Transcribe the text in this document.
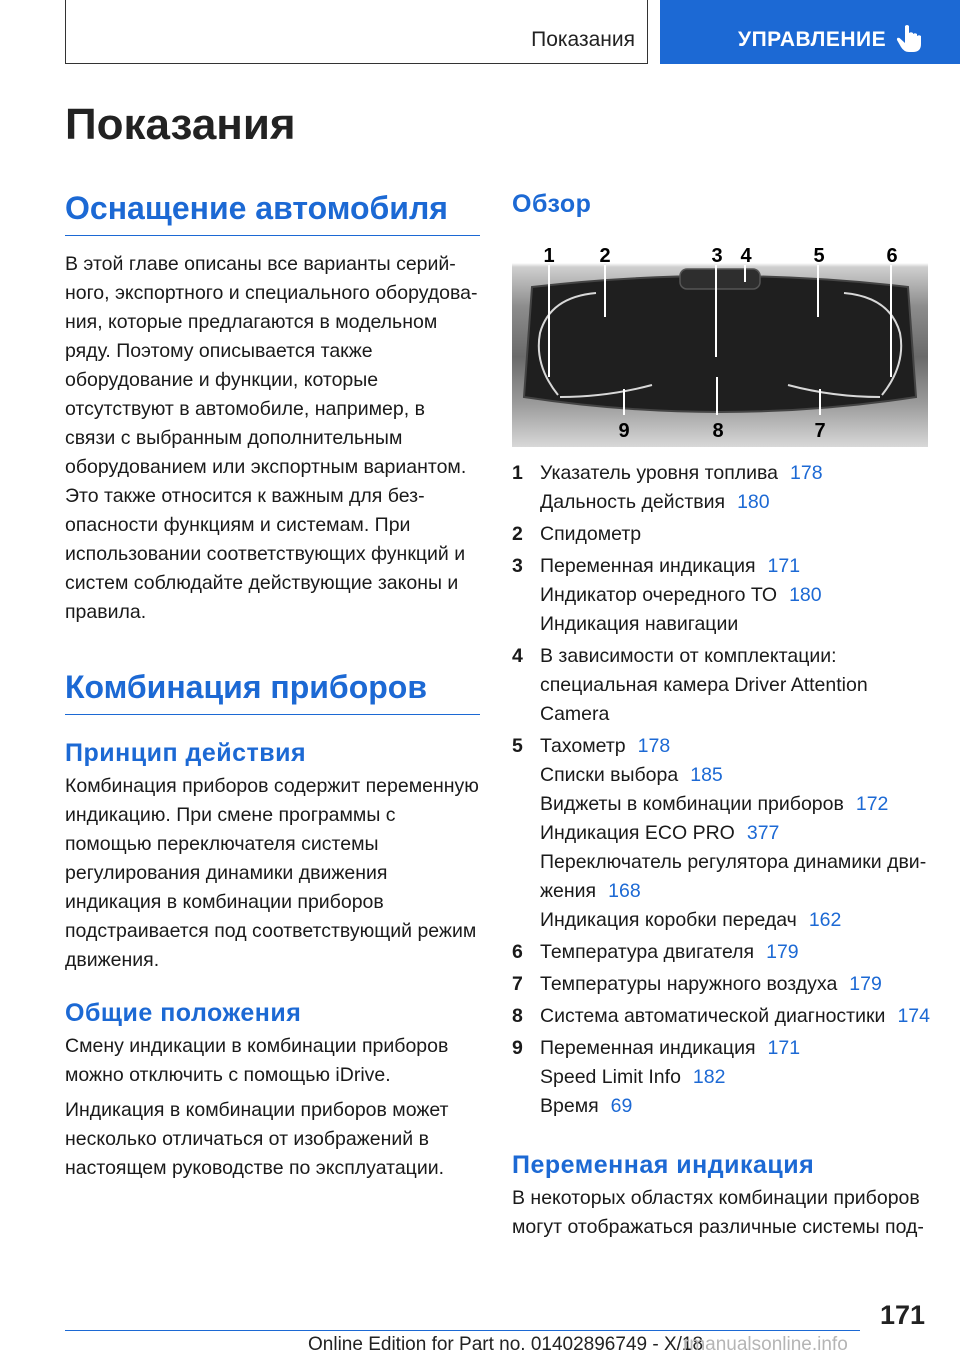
Показания	УПРАВЛЕНИЕ
Показания
Оснащение автомобиля

В этой главе описаны все варианты серийного, экспортного и специального оборудования, которые предлагаются в модельном ряду. Поэтому описывается также оборудование и функции, которые отсутствуют в автомобиле, например, в связи с выбранным дополнительным оборудованием или экспортным вариантом. Это также относится к важным для безопасности функциям и системам. При использовании соответствующих функций и систем соблюдайте действующие законы и правила.

Комбинация приборов
Принцип действия

Комбинация приборов содержит переменную индикацию. При смене программы с помощью переключателя системы регулирования динамики движения индикация в комбинации приборов подстраивается под соответствующий режим движения.

Общие положения

Смену индикации в комбинации приборов можно отключить с помощью iDrive.

Индикация в комбинации приборов может несколько отличаться от изображений в настоящем руководстве по эксплуатации.

Обзор
1 2	3 4	5	6
9	8	7
1 Указатель уровня топлива 178
Дальность действия 180
2 Спидометр
3 Переменная индикация 171
Индикатор очередного ТО 180
Индикация навигации
4 В зависимости от комплектации: специальная камера Driver Attention Camera
5 Тахометр 178
Списки выбора 185
Виджеты в комбинации приборов 172
Индикация ECO PRO 377
Переключатель регулятора динамики движения 168
Индикация коробки передач 162
6 Температура двигателя 179
7 Температуры наружного воздуха 179
8 Система автоматической диагностики 174
9 Переменная индикация 171
Speed Limit Info 182
Время 69
Переменная индикация

В некоторых областях комбинации приборов могут отображаться различные системы под-

171
Online Edition for Part no. 01402896749 - X/18
rmanualsonline.info
